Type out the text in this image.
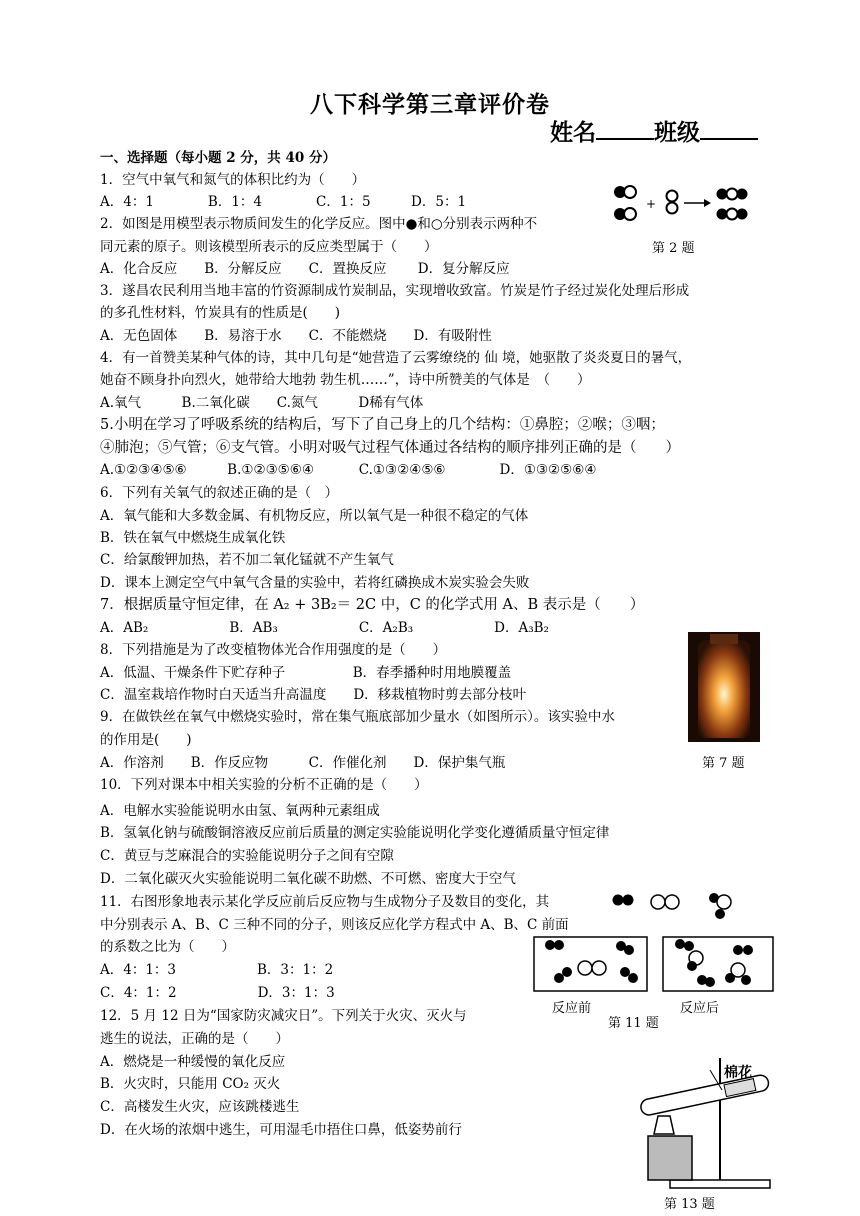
八下科学第三章评价卷
姓名	班级
一、选择题（每小题 2 分，共 40 分）
1．空气中氧气和氮气的体积比约为（　　）
A．4：1　　　　B．1：4　　　　C．1：5　　　D．5：1
2．如图是用模型表示物质间发生的化学反应。图中●和○分别表示两种不
同元素的原子。则该模型所表示的反应类型属于（　　）
A．化合反应　　B．分解反应　　C．置换反应　　 D．复分解反应
3．遂昌农民利用当地丰富的竹资源制成竹炭制品，实现增收致富。竹炭是竹子经过炭化处理后形成
的多孔性材料，竹炭具有的性质是(　　)
A．无色固体　　B．易溶于水　　C．不能燃烧　　D．有吸附性
4．有一首赞美某种气体的诗，其中几句是“她营造了云雾缭绕的 仙 境，她驱散了炎炎夏日的暑气，
她奋不顾身扑向烈火，她带给大地勃 勃生机……”，诗中所赞美的气体是　（　　）
A.氧气　　　B.二氧化碳　　C.氮气　　　D稀有气体
5.小明在学习了呼吸系统的结构后，写下了自己身上的几个结构：①鼻腔；②喉；③咽；
④肺泡；⑤气管；⑥支气管。小明对吸气过程气体通过各结构的顺序排列正确的是（　　）
A.①②③④⑤⑥　　　B.①②③⑤⑥④　　　 C.①③②④⑤⑥　　　　D．①③②⑤⑥④
6．下列有关氧气的叙述正确的是（　）
A．氧气能和大多数金属、有机物反应，所以氧气是一种很不稳定的气体
B．铁在氧气中燃烧生成氧化铁
C．给氯酸钾加热，若不加二氧化锰就不产生氧气
D．课本上测定空气中氧气含量的实验中，若将红磷换成木炭实验会失败
7．根据质量守恒定律，在 A₂ + 3B₂＝ 2C 中，C 的化学式用 A、B 表示是（　　）
A．AB₂　　　　　　B．AB₃　　　　　　C．A₂B₃　　　　　　D．A₃B₂
8．下列措施是为了改变植物体光合作用强度的是（　　）
A．低温、干燥条件下贮存种子　　　　　B．春季播种时用地膜覆盖
C．温室栽培作物时白天适当升高温度　　D．移栽植物时剪去部分枝叶
9．在做铁丝在氧气中燃烧实验时，常在集气瓶底部加少量水（如图所示）。该实验中水
的作用是(　　)
A．作溶剂　　B．作反应物　　　C．作催化剂　　D．保护集气瓶
10．下列对课本中相关实验的分析不正确的是（　　）
A．电解水实验能说明水由氢、氧两种元素组成
B．氢氧化钠与硫酸铜溶液反应前后质量的测定实验能说明化学变化遵循质量守恒定律
C．黄豆与芝麻混合的实验能说明分子之间有空隙
D．二氧化碳灭火实验能说明二氧化碳不助燃、不可燃、密度大于空气
11．右图形象地表示某化学反应前后反应物与生成物分子及数目的变化，其
中分别表示 A、B、C 三种不同的分子，则该反应化学方程式中 A、B、C 前面
的系数之比为（　　）
A．4：1：3　　　　　　B．3：1：2
C．4：1：2　　　　　　D．3：1：3
12．5 月 12 日为“国家防灾减灾日”。下列关于火灾、灭火与
逃生的说法，正确的是（　　）
A．燃烧是一种缓慢的氧化反应
B．火灾时，只能用 CO₂ 灭火
C．高楼发生火灾，应该跳楼逃生
D．在火场的浓烟中逃生，可用湿毛巾捂住口鼻，低姿势前行
+
第 2 题
第 7 题
反应前	反应后
第 11 题
棉花
第 13 题
